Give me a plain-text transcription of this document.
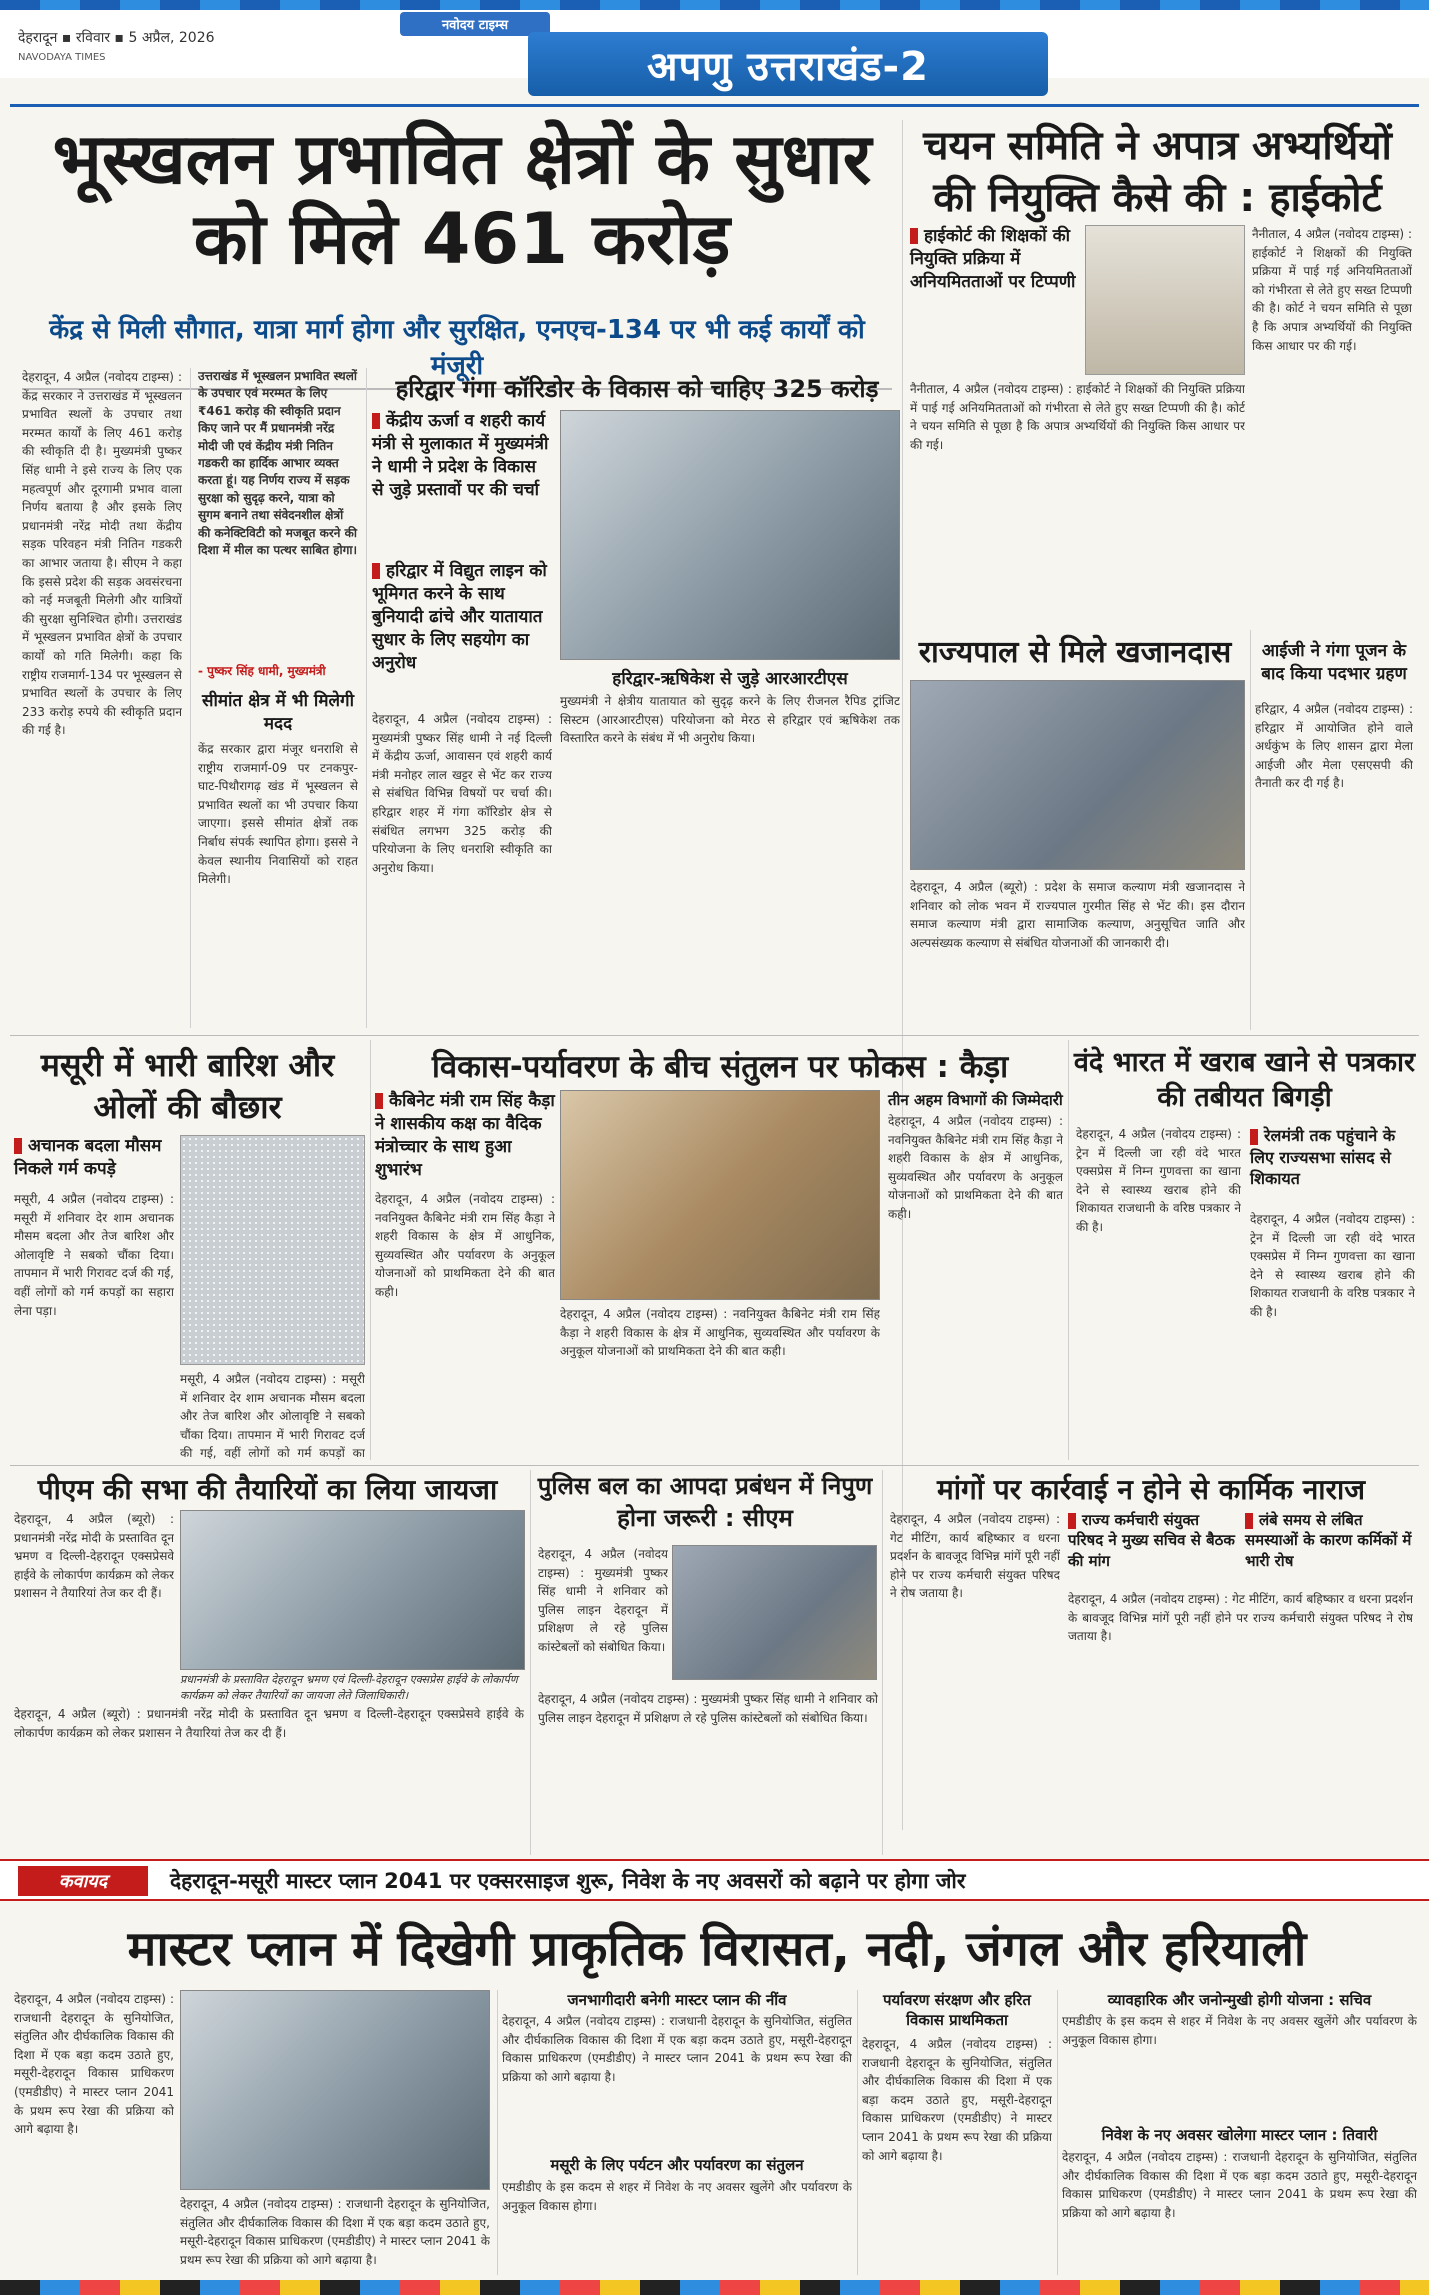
देहरादून ▪ रविवार ▪ 5 अप्रैल, 2026
नवोदय टाइम्स
NAVODAYA TIMES	अपणु उत्तराखंड-2
भूस्खलन प्रभावित क्षेत्रों के सुधार को मिले 461 करोड़
केंद्र से मिली सौगात, यात्रा मार्ग होगा और सुरक्षित, एनएच-134 पर भी कई कार्यों को मंजूरी
देहरादून, 4 अप्रैल (नवोदय टाइम्स) : केंद्र सरकार ने उत्तराखंड में भूस्खलन प्रभावित स्थलों के उपचार तथा मरम्मत कार्यों के लिए 461 करोड़ की स्वीकृति दी है। मुख्यमंत्री पुष्कर सिंह धामी ने इसे राज्य के लिए एक महत्वपूर्ण और दूरगामी प्रभाव वाला निर्णय बताया है और इसके लिए प्रधानमंत्री नरेंद्र मोदी तथा केंद्रीय सड़क परिवहन मंत्री नितिन गडकरी का आभार जताया है। सीएम ने कहा कि इससे प्रदेश की सड़क अवसंरचना को नई मजबूती मिलेगी और यात्रियों की सुरक्षा सुनिश्चित होगी। उत्तराखंड में भूस्खलन प्रभावित क्षेत्रों के उपचार कार्यों को गति मिलेगी। कहा कि राष्ट्रीय राजमार्ग-134 पर भूस्खलन से प्रभावित स्थलों के उपचार के लिए 233 करोड़ रुपये की स्वीकृति प्रदान की गई है।
उत्तराखंड में भूस्खलन प्रभावित स्थलों के उपचार एवं मरम्मत के लिए ₹461 करोड़ की स्वीकृति प्रदान किए जाने पर मैं प्रधानमंत्री नरेंद्र मोदी जी एवं केंद्रीय मंत्री नितिन गडकरी का हार्दिक आभार व्यक्त करता हूं। यह निर्णय राज्य में सड़क सुरक्षा को सुदृढ़ करने, यात्रा को सुगम बनाने तथा संवेदनशील क्षेत्रों की कनेक्टिविटी को मजबूत करने की दिशा में मील का पत्थर साबित होगा।
- पुष्कर सिंह धामी, मुख्यमंत्री
सीमांत क्षेत्र में भी मिलेगी मदद
केंद्र सरकार द्वारा मंजूर धनराशि से राष्ट्रीय राजमार्ग-09 पर टनकपुर-घाट-पिथौरागढ़ खंड में भूस्खलन से प्रभावित स्थलों का भी उपचार किया जाएगा। इससे सीमांत क्षेत्रों तक निर्बाध संपर्क स्थापित होगा। इससे ने केवल स्थानीय निवासियों को राहत मिलेगी।
हरिद्वार गंगा कॉरिडोर के विकास को चाहिए 325 करोड़
केंद्रीय ऊर्जा व शहरी कार्य मंत्री से मुलाकात में मुख्यमंत्री ने धामी ने प्रदेश के विकास से जुड़े प्रस्तावों पर की चर्चा
हरिद्वार में विद्युत लाइन को भूमिगत करने के साथ बुनियादी ढांचे और यातायात सुधार के लिए सहयोग का अनुरोध
देहरादून, 4 अप्रैल (नवोदय टाइम्स) : मुख्यमंत्री पुष्कर सिंह धामी ने नई दिल्ली में केंद्रीय ऊर्जा, आवासन एवं शहरी कार्य मंत्री मनोहर लाल खट्टर से भेंट कर राज्य से संबंधित विभिन्न विषयों पर चर्चा की। हरिद्वार शहर में गंगा कॉरिडोर क्षेत्र से संबंधित लगभग 325 करोड़ की परियोजना के लिए धनराशि स्वीकृति का अनुरोध किया।
हरिद्वार-ऋषिकेश से जुड़े आरआरटीएस
मुख्यमंत्री ने क्षेत्रीय यातायात को सुदृढ़ करने के लिए रीजनल रैपिड ट्रांजिट सिस्टम (आरआरटीएस) परियोजना को मेरठ से हरिद्वार एवं ऋषिकेश तक विस्तारित करने के संबंध में भी अनुरोध किया।
चयन समिति ने अपात्र अभ्यर्थियों की नियुक्ति कैसे की : हाईकोर्ट
हाईकोर्ट की शिक्षकों की नियुक्ति प्रक्रिया में अनियमितताओं पर टिप्पणी
नैनीताल, 4 अप्रैल (नवोदय टाइम्स) : हाईकोर्ट ने शिक्षकों की नियुक्ति प्रक्रिया में पाई गई अनियमितताओं को गंभीरता से लेते हुए सख्त टिप्पणी की है। कोर्ट ने चयन समिति से पूछा है कि अपात्र अभ्यर्थियों की नियुक्ति किस आधार पर की गई।
नैनीताल, 4 अप्रैल (नवोदय टाइम्स) : हाईकोर्ट ने शिक्षकों की नियुक्ति प्रक्रिया में पाई गई अनियमितताओं को गंभीरता से लेते हुए सख्त टिप्पणी की है। कोर्ट ने चयन समिति से पूछा है कि अपात्र अभ्यर्थियों की नियुक्ति किस आधार पर की गई।
राज्यपाल से मिले खजानदास
देहरादून, 4 अप्रैल (ब्यूरो) : प्रदेश के समाज कल्याण मंत्री खजानदास ने शनिवार को लोक भवन में राज्यपाल गुरमीत सिंह से भेंट की। इस दौरान समाज कल्याण मंत्री द्वारा सामाजिक कल्याण, अनुसूचित जाति और अल्पसंख्यक कल्याण से संबंधित योजनाओं की जानकारी दी।
आईजी ने गंगा पूजन के बाद किया पदभार ग्रहण
हरिद्वार, 4 अप्रैल (नवोदय टाइम्स) : हरिद्वार में आयोजित होने वाले अर्धकुंभ के लिए शासन द्वारा मेला आईजी और मेला एसएसपी की तैनाती कर दी गई है।
मसूरी में भारी बारिश और ओलों की बौछार
अचानक बदला मौसम निकले गर्म कपड़े
मसूरी, 4 अप्रैल (नवोदय टाइम्स) : मसूरी में शनिवार देर शाम अचानक मौसम बदला और तेज बारिश और ओलावृष्टि ने सबको चौंका दिया। तापमान में भारी गिरावट दर्ज की गई, वहीं लोगों को गर्म कपड़ों का सहारा लेना पड़ा।
मसूरी, 4 अप्रैल (नवोदय टाइम्स) : मसूरी में शनिवार देर शाम अचानक मौसम बदला और तेज बारिश और ओलावृष्टि ने सबको चौंका दिया। तापमान में भारी गिरावट दर्ज की गई, वहीं लोगों को गर्म कपड़ों का
विकास-पर्यावरण के बीच संतुलन पर फोकस : कैड़ा
कैबिनेट मंत्री राम सिंह कैड़ा ने शासकीय कक्ष का वैदिक मंत्रोच्चार के साथ हुआ शुभारंभ
देहरादून, 4 अप्रैल (नवोदय टाइम्स) : नवनियुक्त कैबिनेट मंत्री राम सिंह कैड़ा ने शहरी विकास के क्षेत्र में आधुनिक, सुव्यवस्थित और पर्यावरण के अनुकूल योजनाओं को प्राथमिकता देने की बात कही।
देहरादून, 4 अप्रैल (नवोदय टाइम्स) : नवनियुक्त कैबिनेट मंत्री राम सिंह कैड़ा ने शहरी विकास के क्षेत्र में आधुनिक, सुव्यवस्थित और पर्यावरण के अनुकूल योजनाओं को प्राथमिकता देने की बात कही।
तीन अहम विभागों की जिम्मेदारी
देहरादून, 4 अप्रैल (नवोदय टाइम्स) : नवनियुक्त कैबिनेट मंत्री राम सिंह कैड़ा ने शहरी विकास के क्षेत्र में आधुनिक, सुव्यवस्थित और पर्यावरण के अनुकूल योजनाओं को प्राथमिकता देने की बात कही।
वंदे भारत में खराब खाने से पत्रकार की तबीयत बिगड़ी
देहरादून, 4 अप्रैल (नवोदय टाइम्स) : ट्रेन में दिल्ली जा रही वंदे भारत एक्सप्रेस में निम्न गुणवत्ता का खाना देने से स्वास्थ्य खराब होने की शिकायत राजधानी के वरिष्ठ पत्रकार ने की है।
रेलमंत्री तक पहुंचाने के लिए राज्यसभा सांसद से शिकायत
देहरादून, 4 अप्रैल (नवोदय टाइम्स) : ट्रेन में दिल्ली जा रही वंदे भारत एक्सप्रेस में निम्न गुणवत्ता का खाना देने से स्वास्थ्य खराब होने की शिकायत राजधानी के वरिष्ठ पत्रकार ने की है।
पीएम की सभा की तैयारियों का लिया जायजा
देहरादून, 4 अप्रैल (ब्यूरो) : प्रधानमंत्री नरेंद्र मोदी के प्रस्तावित दून भ्रमण व दिल्ली-देहरादून एक्सप्रेसवे हाईवे के लोकार्पण कार्यक्रम को लेकर प्रशासन ने तैयारियां तेज कर दी हैं।
प्रधानमंत्री के प्रस्तावित देहरादून भ्रमण एवं दिल्ली-देहरादून एक्सप्रेस हाईवे के लोकार्पण कार्यक्रम को लेकर तैयारियों का जायजा लेते जिलाधिकारी।
देहरादून, 4 अप्रैल (ब्यूरो) : प्रधानमंत्री नरेंद्र मोदी के प्रस्तावित दून भ्रमण व दिल्ली-देहरादून एक्सप्रेसवे हाईवे के लोकार्पण कार्यक्रम को लेकर प्रशासन ने तैयारियां तेज कर दी हैं।
पुलिस बल का आपदा प्रबंधन में निपुण होना जरूरी : सीएम
देहरादून, 4 अप्रैल (नवोदय टाइम्स) : मुख्यमंत्री पुष्कर सिंह धामी ने शनिवार को पुलिस लाइन देहरादून में प्रशिक्षण ले रहे पुलिस कांस्टेबलों को संबोधित किया।
देहरादून, 4 अप्रैल (नवोदय टाइम्स) : मुख्यमंत्री पुष्कर सिंह धामी ने शनिवार को पुलिस लाइन देहरादून में प्रशिक्षण ले रहे पुलिस कांस्टेबलों को संबोधित किया।
मांगों पर कार्रवाई न होने से कार्मिक नाराज
देहरादून, 4 अप्रैल (नवोदय टाइम्स) : गेट मीटिंग, कार्य बहिष्कार व धरना प्रदर्शन के बावजूद विभिन्न मांगें पूरी नहीं होने पर राज्य कर्मचारी संयुक्त परिषद ने रोष जताया है।
राज्य कर्मचारी संयुक्त परिषद ने मुख्य सचिव से बैठक की मांग
लंबे समय से लंबित समस्याओं के कारण कर्मिकों में भारी रोष
देहरादून, 4 अप्रैल (नवोदय टाइम्स) : गेट मीटिंग, कार्य बहिष्कार व धरना प्रदर्शन के बावजूद विभिन्न मांगें पूरी नहीं होने पर राज्य कर्मचारी संयुक्त परिषद ने रोष जताया है।
कवायद	देहरादून-मसूरी मास्टर प्लान 2041 पर एक्सरसाइज शुरू, निवेश के नए अवसरों को बढ़ाने पर होगा जोर
मास्टर प्लान में दिखेगी प्राकृतिक विरासत, नदी, जंगल और हरियाली
देहरादून, 4 अप्रैल (नवोदय टाइम्स) : राजधानी देहरादून के सुनियोजित, संतुलित और दीर्घकालिक विकास की दिशा में एक बड़ा कदम उठाते हुए, मसूरी-देहरादून विकास प्राधिकरण (एमडीडीए) ने मास्टर प्लान 2041 के प्रथम रूप रेखा की प्रक्रिया को आगे बढ़ाया है।
देहरादून, 4 अप्रैल (नवोदय टाइम्स) : राजधानी देहरादून के सुनियोजित, संतुलित और दीर्घकालिक विकास की दिशा में एक बड़ा कदम उठाते हुए, मसूरी-देहरादून विकास प्राधिकरण (एमडीडीए) ने मास्टर प्लान 2041 के प्रथम रूप रेखा की प्रक्रिया को आगे बढ़ाया है।
जनभागीदारी बनेगी मास्टर प्लान की नींव
देहरादून, 4 अप्रैल (नवोदय टाइम्स) : राजधानी देहरादून के सुनियोजित, संतुलित और दीर्घकालिक विकास की दिशा में एक बड़ा कदम उठाते हुए, मसूरी-देहरादून विकास प्राधिकरण (एमडीडीए) ने मास्टर प्लान 2041 के प्रथम रूप रेखा की प्रक्रिया को आगे बढ़ाया है।
मसूरी के लिए पर्यटन और पर्यावरण का संतुलन
एमडीडीए के इस कदम से शहर में निवेश के नए अवसर खुलेंगे और पर्यावरण के अनुकूल विकास होगा।
पर्यावरण संरक्षण और हरित विकास प्राथमिकता
देहरादून, 4 अप्रैल (नवोदय टाइम्स) : राजधानी देहरादून के सुनियोजित, संतुलित और दीर्घकालिक विकास की दिशा में एक बड़ा कदम उठाते हुए, मसूरी-देहरादून विकास प्राधिकरण (एमडीडीए) ने मास्टर प्लान 2041 के प्रथम रूप रेखा की प्रक्रिया को आगे बढ़ाया है।
व्यावहारिक और जनोन्मुखी होगी योजना : सचिव
एमडीडीए के इस कदम से शहर में निवेश के नए अवसर खुलेंगे और पर्यावरण के अनुकूल विकास होगा।
निवेश के नए अवसर खोलेगा मास्टर प्लान : तिवारी
देहरादून, 4 अप्रैल (नवोदय टाइम्स) : राजधानी देहरादून के सुनियोजित, संतुलित और दीर्घकालिक विकास की दिशा में एक बड़ा कदम उठाते हुए, मसूरी-देहरादून विकास प्राधिकरण (एमडीडीए) ने मास्टर प्लान 2041 के प्रथम रूप रेखा की प्रक्रिया को आगे बढ़ाया है।
